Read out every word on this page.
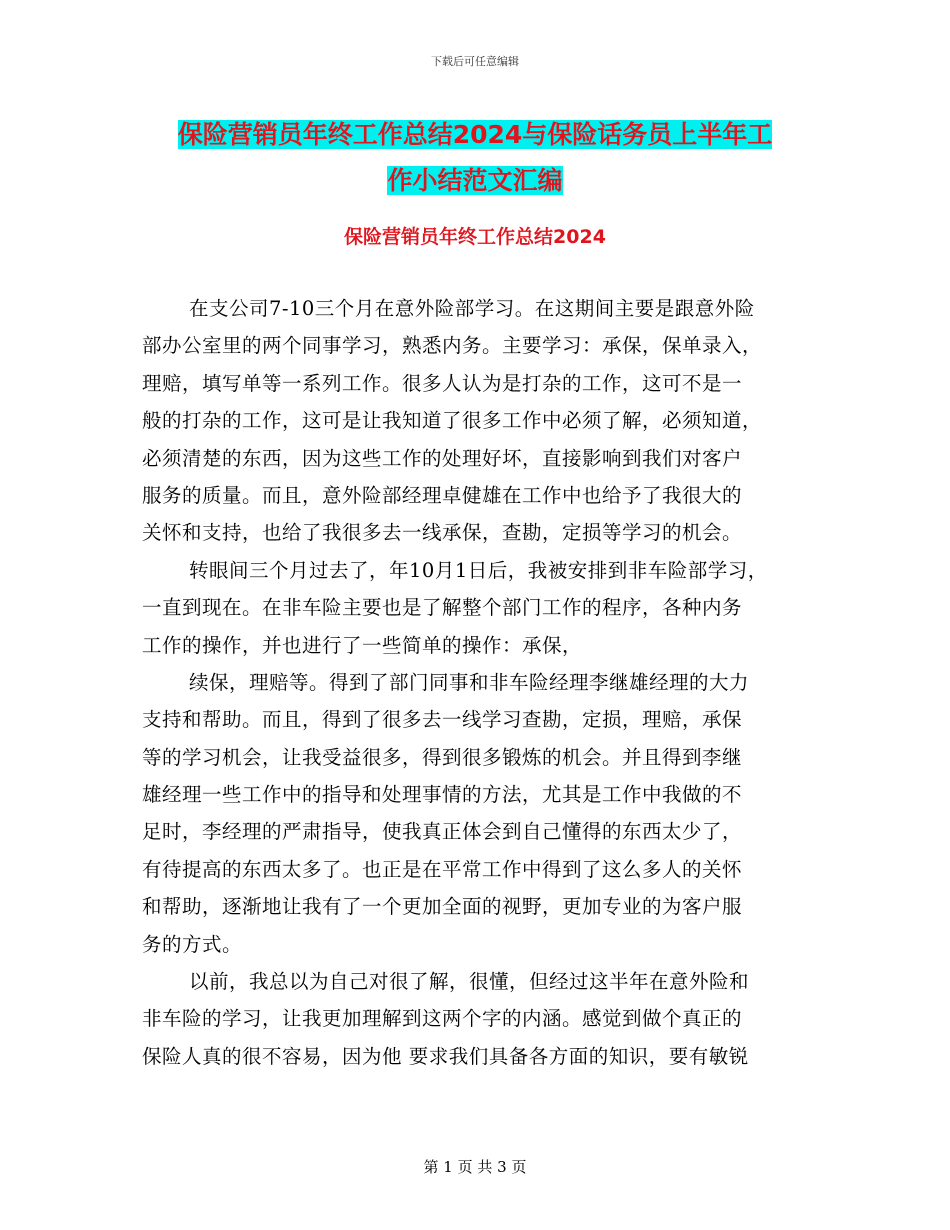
下载后可任意编辑
保险营销员年终工作总结2024与保险话务员上半年工
作小结范文汇编
保险营销员年终工作总结2024
在支公司7-10三个月在意外险部学习。在这期间主要是跟意外险
部办公室里的两个同事学习，熟悉内务。主要学习：承保，保单录入，
理赔，填写单等一系列工作。很多人认为是打杂的工作，这可不是一
般的打杂的工作，这可是让我知道了很多工作中必须了解，必须知道，
必须清楚的东西，因为这些工作的处理好坏，直接影响到我们对客户
服务的质量。而且，意外险部经理卓健雄在工作中也给予了我很大的
关怀和支持，也给了我很多去一线承保，查勘，定损等学习的机会。
转眼间三个月过去了，年10月1日后，我被安排到非车险部学习，
一直到现在。在非车险主要也是了解整个部门工作的程序，各种内务
工作的操作，并也进行了一些简单的操作：承保，
续保，理赔等。得到了部门同事和非车险经理李继雄经理的大力
支持和帮助。而且，得到了很多去一线学习查勘，定损，理赔，承保
等的学习机会，让我受益很多，得到很多锻炼的机会。并且得到李继
雄经理一些工作中的指导和处理事情的方法，尤其是工作中我做的不
足时，李经理的严肃指导，使我真正体会到自己懂得的东西太少了，
有待提高的东西太多了。也正是在平常工作中得到了这么多人的关怀
和帮助，逐渐地让我有了一个更加全面的视野，更加专业的为客户服
务的方式。
以前，我总以为自己对很了解，很懂，但经过这半年在意外险和
非车险的学习，让我更加理解到这两个字的内涵。感觉到做个真正的
保险人真的很不容易，因为他 要求我们具备各方面的知识，要有敏锐
第 1 页 共 3 页
